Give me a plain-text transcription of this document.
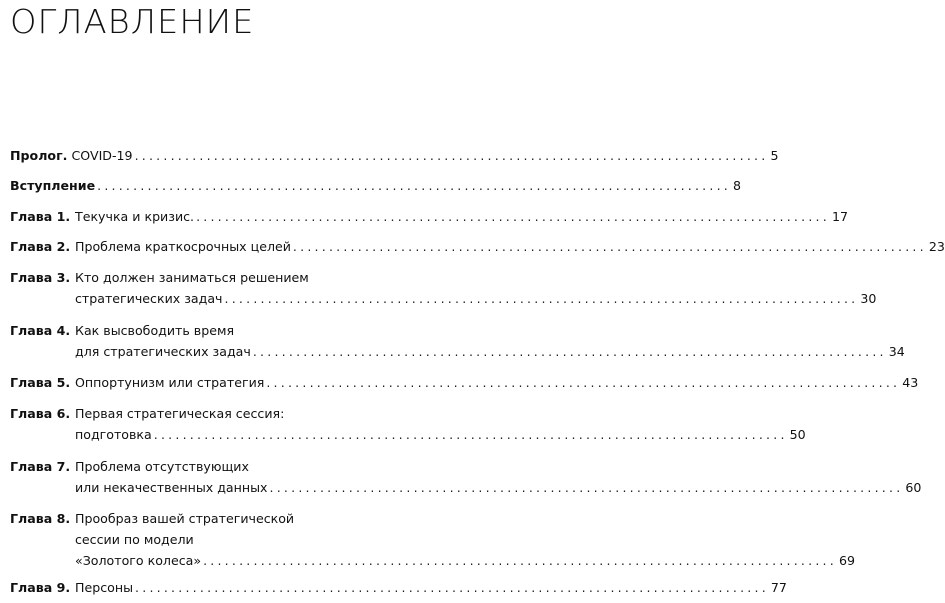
ОГЛАВЛЕНИЕ
Пролог. COVID-19 ........................................................................................ 5
Вступление ........................................................................................ 8
Глава 1. Текучка и кризис. ........................................................................................ 17
Глава 2. Проблема краткосрочных целей ........................................................................................ 23
Глава 3. Кто должен заниматься решением
стратегических задач ........................................................................................ 30
Глава 4. Как высвободить время
для стратегических задач ........................................................................................ 34
Глава 5. Оппортунизм или стратегия ........................................................................................ 43
Глава 6. Первая стратегическая сессия:
подготовка ........................................................................................ 50
Глава 7. Проблема отсутствующих
или некачественных данных ........................................................................................ 60
Глава 8. Прообраз вашей стратегической
сессии по модели
«Золотого колеса» ........................................................................................ 69
Глава 9. Персоны ........................................................................................ 77
